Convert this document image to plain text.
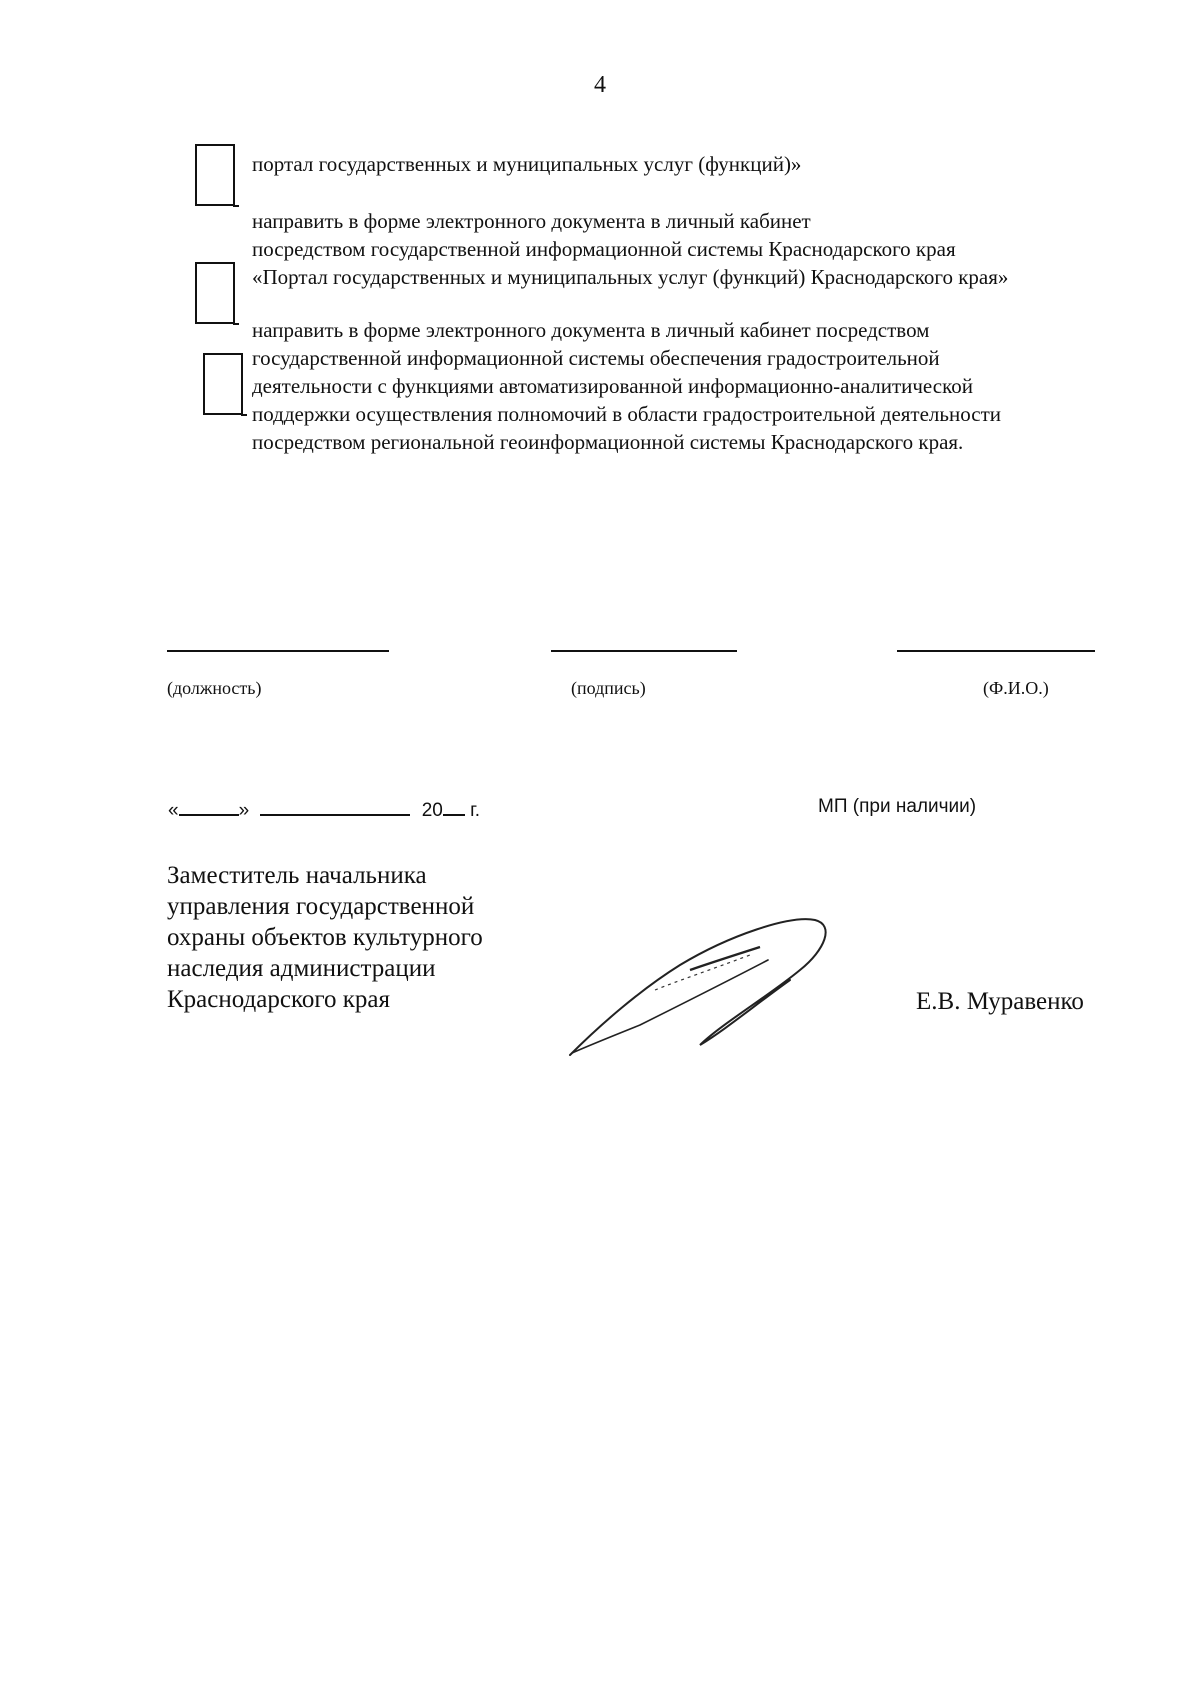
4
портал государственных и муниципальных услуг (функций)»
направить в форме электронного документа в личный кабинет
посредством государственной информационной системы Краснодарского края
«Портал государственных и муниципальных услуг (функций) Краснодарского края»
направить в форме электронного документа в личный кабинет посредством
государственной информационной системы обеспечения градостроительной
деятельности с функциями автоматизированной информационно-аналитической
поддержки осуществления полномочий в области градостроительной деятельности
посредством региональной геоинформационной системы Краснодарского края.
(должность)	(подпись)	(Ф.И.О.)
«	»	20 г.	МП (при наличии)
Заместитель начальника
управления государственной
охраны объектов культурного
наследия администрации
Краснодарского края	Е.В. Муравенко
